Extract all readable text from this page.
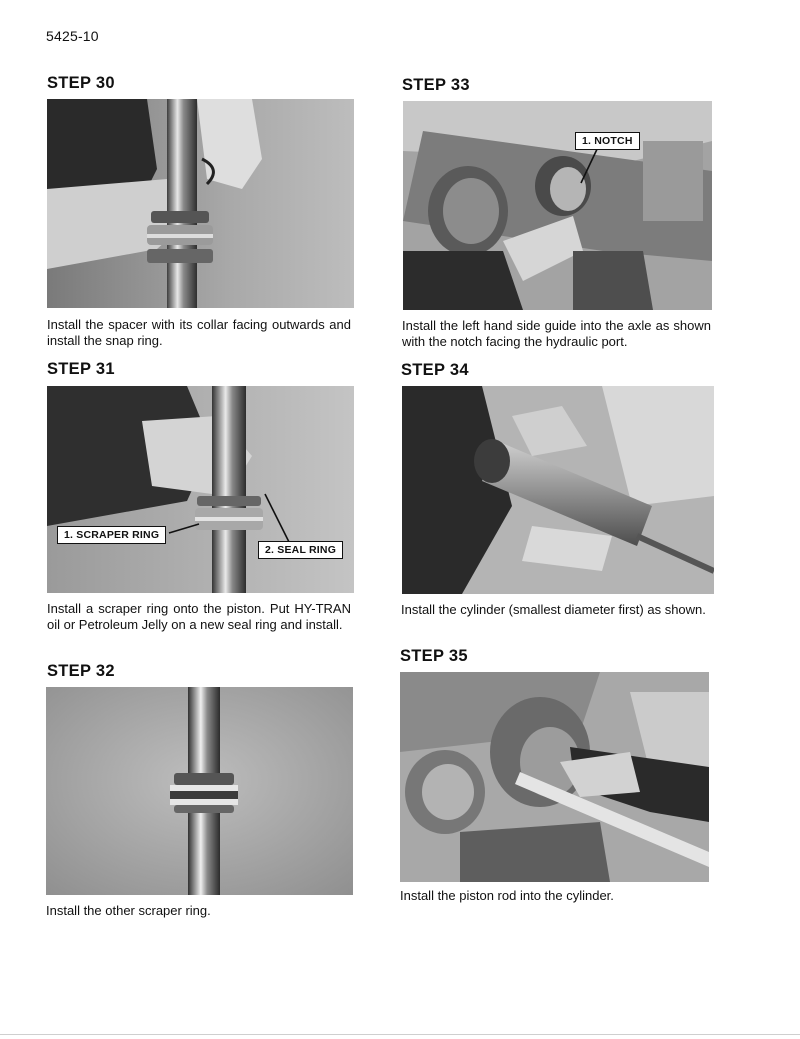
5425-10
STEP 30

Install the spacer with its collar facing outwards and install the snap ring.

STEP 31
1. SCRAPER RING
2. SEAL RING

Install a scraper ring onto the piston. Put HY-TRAN oil or Petroleum Jelly on a new seal ring and install.

STEP 32

Install the other scraper ring.

STEP 33
1. NOTCH

Install the left hand side guide into the axle as shown with the notch facing the hydraulic port.

STEP 34

Install the cylinder (smallest diameter first) as shown.

STEP 35

Install the piston rod into the cylinder.
